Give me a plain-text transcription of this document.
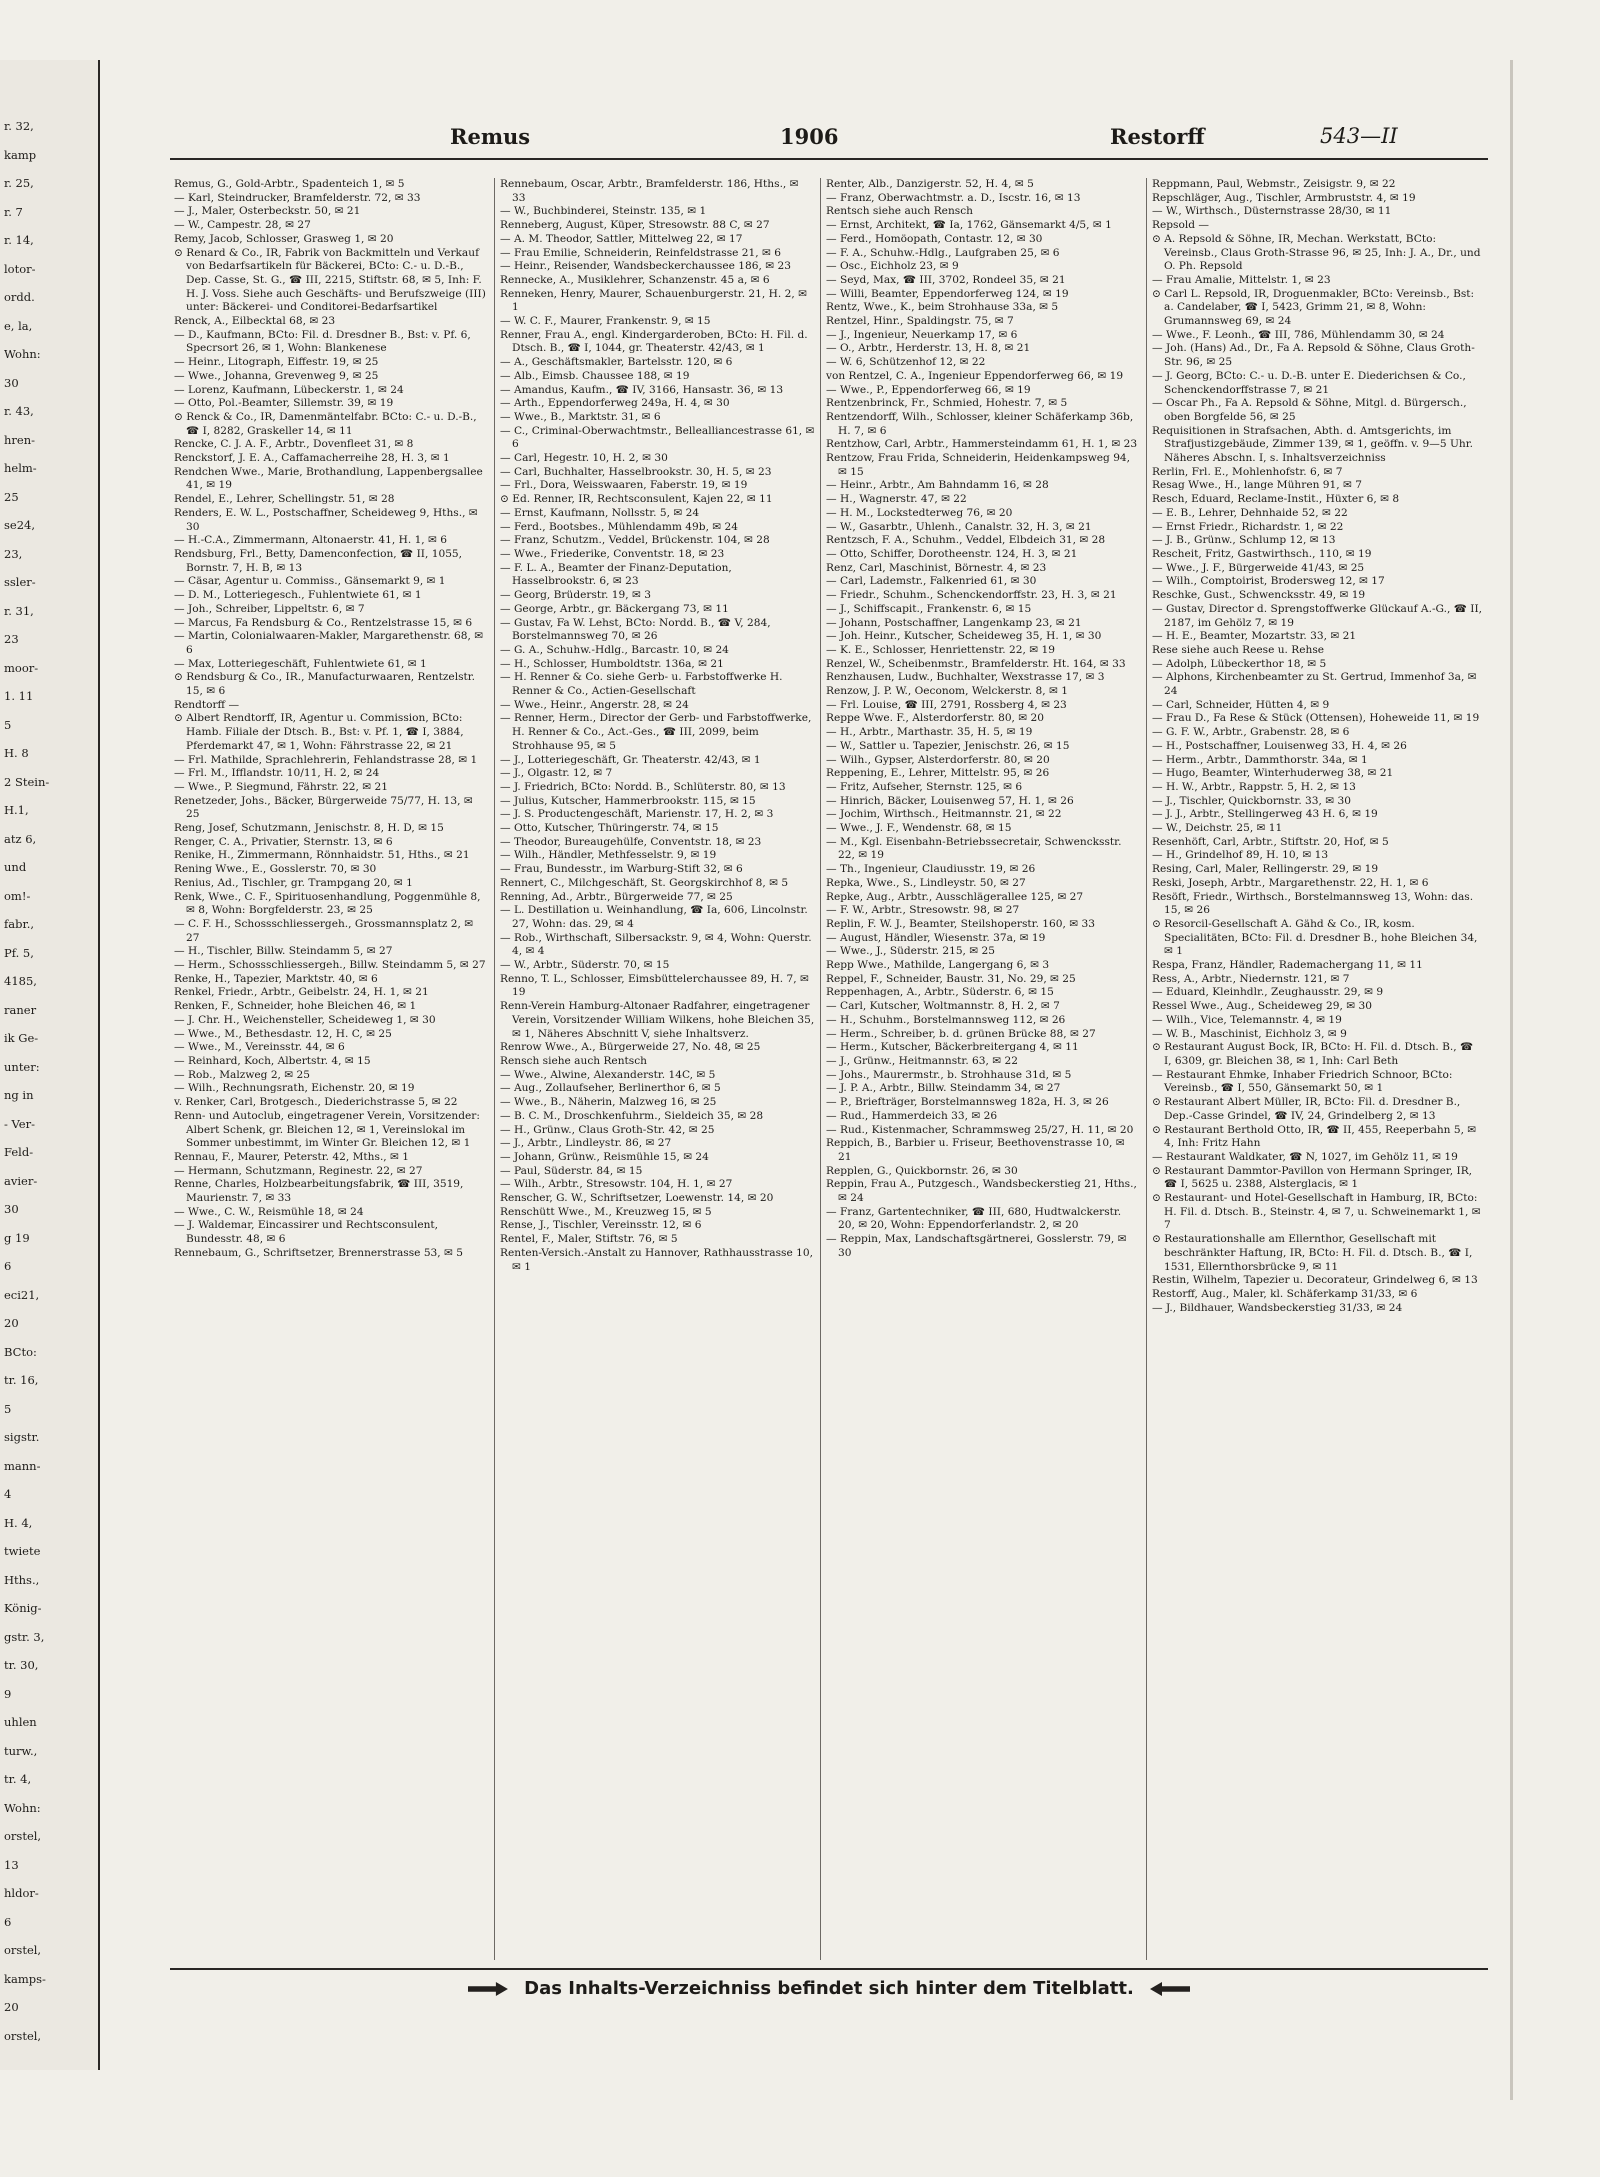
r. 32,
kamp
r. 25,
r. 7
r. 14,
lotor-
ordd.
e, la,
Wohn:
30
r. 43,
hren-
helm-
25
se24,
23,
ssler-
r. 31,
23
moor-
1. 11
5
H. 8
2 Stein-
H.1,
atz 6,
und
om!-
fabr.,
Pf. 5,
4185,
raner
ik Ge-
unter:
ng in
- Ver-
Feld-
avier-
30
g 19
6
eci21,
20
BCto:
tr. 16,
5
sigstr.
mann-
4
H. 4,
twiete
Hths.,
König-
gstr. 3,
tr. 30,
9
uhlen
turw.,
tr. 4,
Wohn:
orstel,
13
hldor-
6
orstel,
kamps-
20
orstel,
Remus	1906	Restorff	543—II

Remus, G., Gold-Arbtr., Spadenteich 1, ✉ 5

— Karl, Steindrucker, Bramfelderstr. 72, ✉ 33

— J., Maler, Osterbeckstr. 50, ✉ 21

— W., Campestr. 28, ✉ 27

Remy, Jacob, Schlosser, Grasweg 1, ✉ 20

⊙ Renard & Co., IR, Fabrik von Backmitteln und Verkauf von Bedarfsartikeln für Bäckerei, BCto: C.- u. D.-B., Dep. Casse, St. G., ☎ III, 2215, Stiftstr. 68, ✉ 5, Inh: F. H. J. Voss. Siehe auch Geschäfts- und Berufszweige (III) unter: Bäckerei- und Conditorei-Bedarfsartikel

Renck, A., Eilbecktal 68, ✉ 23

— D., Kaufmann, BCto: Fil. d. Dresdner B., Bst: v. Pf. 6, Specrsort 26, ✉ 1, Wohn: Blankenese

— Heinr., Litograph, Eiffestr. 19, ✉ 25

— Wwe., Johanna, Grevenweg 9, ✉ 25

— Lorenz, Kaufmann, Lübeckerstr. 1, ✉ 24

— Otto, Pol.-Beamter, Sillemstr. 39, ✉ 19

⊙ Renck & Co., IR, Damenmäntelfabr. BCto: C.- u. D.-B., ☎ I, 8282, Graskeller 14, ✉ 11

Rencke, C. J. A. F., Arbtr., Dovenfleet 31, ✉ 8

Renckstorf, J. E. A., Caffamacherreihe 28, H. 3, ✉ 1

Rendchen Wwe., Marie, Brothandlung, Lappenbergsallee 41, ✉ 19

Rendel, E., Lehrer, Schellingstr. 51, ✉ 28

Renders, E. W. L., Postschaffner, Scheideweg 9, Hths., ✉ 30

— H.-C.A., Zimmermann, Altonaerstr. 41, H. 1, ✉ 6

Rendsburg, Frl., Betty, Damenconfection, ☎ II, 1055, Bornstr. 7, H. B, ✉ 13

— Cäsar, Agentur u. Commiss., Gänsemarkt 9, ✉ 1

— D. M., Lotteriegesch., Fuhlentwiete 61, ✉ 1

— Joh., Schreiber, Lippeltstr. 6, ✉ 7

— Marcus, Fa Rendsburg & Co., Rentzelstrasse 15, ✉ 6

— Martin, Colonialwaaren-Makler, Margarethenstr. 68, ✉ 6

— Max, Lotteriegeschäft, Fuhlentwiete 61, ✉ 1

⊙ Rendsburg & Co., IR., Manufacturwaaren, Rentzelstr. 15, ✉ 6

Rendtorff —

⊙ Albert Rendtorff, IR, Agentur u. Commission, BCto: Hamb. Filiale der Dtsch. B., Bst: v. Pf. 1, ☎ I, 3884, Pferdemarkt 47, ✉ 1, Wohn: Fährstrasse 22, ✉ 21

— Frl. Mathilde, Sprachlehrerin, Fehlandstrasse 28, ✉ 1

— Frl. M., Ifflandstr. 10/11, H. 2, ✉ 24

— Wwe., P. Siegmund, Fährstr. 22, ✉ 21

Renetzeder, Johs., Bäcker, Bürgerweide 75/77, H. 13, ✉ 25

Reng, Josef, Schutzmann, Jenischstr. 8, H. D, ✉ 15

Renger, C. A., Privatier, Sternstr. 13, ✉ 6

Renike, H., Zimmermann, Rönnhaidstr. 51, Hths., ✉ 21

Rening Wwe., E., Gosslerstr. 70, ✉ 30

Renius, Ad., Tischler, gr. Trampgang 20, ✉ 1

Renk, Wwe., C. F., Spirituosenhandlung, Poggenmühle 8, ✉ 8, Wohn: Borgfelderstr. 23, ✉ 25

— C. F. H., Schossschliessergeh., Grossmannsplatz 2, ✉ 27

— H., Tischler, Billw. Steindamm 5, ✉ 27

— Herm., Schossschliessergeh., Billw. Steindamm 5, ✉ 27

Renke, H., Tapezier, Marktstr. 40, ✉ 6

Renkel, Friedr., Arbtr., Geibelstr. 24, H. 1, ✉ 21

Renken, F., Schneider, hohe Bleichen 46, ✉ 1

— J. Chr. H., Weichensteller, Scheideweg 1, ✉ 30

— Wwe., M., Bethesdastr. 12, H. C, ✉ 25

— Wwe., M., Vereinsstr. 44, ✉ 6

— Reinhard, Koch, Albertstr. 4, ✉ 15

— Rob., Malzweg 2, ✉ 25

— Wilh., Rechnungsrath, Eichenstr. 20, ✉ 19

v. Renker, Carl, Brotgesch., Diederichstrasse 5, ✉ 22

Renn- und Autoclub, eingetragener Verein, Vorsitzender: Albert Schenk, gr. Bleichen 12, ✉ 1, Vereinslokal im Sommer unbestimmt, im Winter Gr. Bleichen 12, ✉ 1

Rennau, F., Maurer, Peterstr. 42, Mths., ✉ 1

— Hermann, Schutzmann, Reginestr. 22, ✉ 27

Renne, Charles, Holzbearbeitungsfabrik, ☎ III, 3519, Maurienstr. 7, ✉ 33

— Wwe., C. W., Reismühle 18, ✉ 24

— J. Waldemar, Eincassirer und Rechtsconsulent, Bundesstr. 48, ✉ 6

Rennebaum, G., Schriftsetzer, Brennerstrasse 53, ✉ 5

Rennebaum, Oscar, Arbtr., Bramfelderstr. 186, Hths., ✉ 33

— W., Buchbinderei, Steinstr. 135, ✉ 1

Renneberg, August, Küper, Stresowstr. 88 C, ✉ 27

— A. M. Theodor, Sattler, Mittelweg 22, ✉ 17

— Frau Emilie, Schneiderin, Reinfeldstrasse 21, ✉ 6

— Heinr., Reisender, Wandsbeckerchaussee 186, ✉ 23

Rennecke, A., Musiklehrer, Schanzenstr. 45 a, ✉ 6

Renneken, Henry, Maurer, Schauenburgerstr. 21, H. 2, ✉ 1

— W. C. F., Maurer, Frankenstr. 9, ✉ 15

Renner, Frau A., engl. Kindergarderoben, BCto: H. Fil. d. Dtsch. B., ☎ I, 1044, gr. Theaterstr. 42/43, ✉ 1

— A., Geschäftsmakler, Bartelsstr. 120, ✉ 6

— Alb., Eimsb. Chaussee 188, ✉ 19

— Amandus, Kaufm., ☎ IV, 3166, Hansastr. 36, ✉ 13

— Arth., Eppendorferweg 249a, H. 4, ✉ 30

— Wwe., B., Marktstr. 31, ✉ 6

— C., Criminal-Oberwachtmstr., Bellealliancestrasse 61, ✉ 6

— Carl, Hegestr. 10, H. 2, ✉ 30

— Carl, Buchhalter, Hasselbrookstr. 30, H. 5, ✉ 23

— Frl., Dora, Weisswaaren, Faberstr. 19, ✉ 19

⊙ Ed. Renner, IR, Rechtsconsulent, Kajen 22, ✉ 11

— Ernst, Kaufmann, Nollsstr. 5, ✉ 24

— Ferd., Bootsbes., Mühlendamm 49b, ✉ 24

— Franz, Schutzm., Veddel, Brückenstr. 104, ✉ 28

— Wwe., Friederike, Conventstr. 18, ✉ 23

— F. L. A., Beamter der Finanz-Deputation, Hasselbrookstr. 6, ✉ 23

— Georg, Brüderstr. 19, ✉ 3

— George, Arbtr., gr. Bäckergang 73, ✉ 11

— Gustav, Fa W. Lehst, BCto: Nordd. B., ☎ V, 284, Borstelmannsweg 70, ✉ 26

— G. A., Schuhw.-Hdlg., Barcastr. 10, ✉ 24

— H., Schlosser, Humboldtstr. 136a, ✉ 21

— H. Renner & Co. siehe Gerb- u. Farbstoffwerke H. Renner & Co., Actien-Gesellschaft

— Wwe., Heinr., Angerstr. 28, ✉ 24

— Renner, Herm., Director der Gerb- und Farbstoffwerke, H. Renner & Co., Act.-Ges., ☎ III, 2099, beim Strohhause 95, ✉ 5

— J., Lotteriegeschäft, Gr. Theaterstr. 42/43, ✉ 1

— J., Olgastr. 12, ✉ 7

— J. Friedrich, BCto: Nordd. B., Schlüterstr. 80, ✉ 13

— Julius, Kutscher, Hammerbrookstr. 115, ✉ 15

— J. S. Productengeschäft, Marienstr. 17, H. 2, ✉ 3

— Otto, Kutscher, Thüringerstr. 74, ✉ 15

— Theodor, Bureaugehülfe, Conventstr. 18, ✉ 23

— Wilh., Händler, Methfesselstr. 9, ✉ 19

— Frau, Bundesstr., im Warburg-Stift 32, ✉ 6

Rennert, C., Milchgeschäft, St. Georgskirchhof 8, ✉ 5

Renning, Ad., Arbtr., Bürgerweide 77, ✉ 25

— L. Destillation u. Weinhandlung, ☎ Ia, 606, Lincolnstr. 27, Wohn: das. 29, ✉ 4

— Rob., Wirthschaft, Silbersackstr. 9, ✉ 4, Wohn: Querstr. 4, ✉ 4

— W., Arbtr., Süderstr. 70, ✉ 15

Renno, T. L., Schlosser, Eimsbüttelerchaussee 89, H. 7, ✉ 19

Renn-Verein Hamburg-Altonaer Radfahrer, eingetragener Verein, Vorsitzender William Wilkens, hohe Bleichen 35, ✉ 1, Näheres Abschnitt V, siehe Inhaltsverz.

Renrow Wwe., A., Bürgerweide 27, No. 48, ✉ 25

Rensch siehe auch Rentsch

— Wwe., Alwine, Alexanderstr. 14C, ✉ 5

— Aug., Zollaufseher, Berlinerthor 6, ✉ 5

— Wwe., B., Näherin, Malzweg 16, ✉ 25

— B. C. M., Droschkenfuhrm., Sieldeich 35, ✉ 28

— H., Grünw., Claus Groth-Str. 42, ✉ 25

— J., Arbtr., Lindleystr. 86, ✉ 27

— Johann, Grünw., Reismühle 15, ✉ 24

— Paul, Süderstr. 84, ✉ 15

— Wilh., Arbtr., Stresowstr. 104, H. 1, ✉ 27

Renscher, G. W., Schriftsetzer, Loewenstr. 14, ✉ 20

Renschütt Wwe., M., Kreuzweg 15, ✉ 5

Rense, J., Tischler, Vereinsstr. 12, ✉ 6

Rentel, F., Maler, Stiftstr. 76, ✉ 5

Renten-Versich.-Anstalt zu Hannover, Rathhausstrasse 10, ✉ 1

Renter, Alb., Danzigerstr. 52, H. 4, ✉ 5

— Franz, Oberwachtmstr. a. D., Iscstr. 16, ✉ 13

Rentsch siehe auch Rensch

— Ernst, Architekt, ☎ Ia, 1762, Gänsemarkt 4/5, ✉ 1

— Ferd., Homöopath, Contastr. 12, ✉ 30

— F. A., Schuhw.-Hdlg., Laufgraben 25, ✉ 6

— Osc., Eichholz 23, ✉ 9

— Seyd, Max, ☎ III, 3702, Rondeel 35, ✉ 21

— Willi, Beamter, Eppendorferweg 124, ✉ 19

Rentz, Wwe., K., beim Strohhause 33a, ✉ 5

Rentzel, Hinr., Spaldingstr. 75, ✉ 7

— J., Ingenieur, Neuerkamp 17, ✉ 6

— O., Arbtr., Herderstr. 13, H. 8, ✉ 21

— W. 6, Schützenhof 12, ✉ 22

von Rentzel, C. A., Ingenieur Eppendorferweg 66, ✉ 19

— Wwe., P., Eppendorferweg 66, ✉ 19

Rentzenbrinck, Fr., Schmied, Hohestr. 7, ✉ 5

Rentzendorff, Wilh., Schlosser, kleiner Schäferkamp 36b, H. 7, ✉ 6

Rentzhow, Carl, Arbtr., Hammersteindamm 61, H. 1, ✉ 23

Rentzow, Frau Frida, Schneiderin, Heidenkampsweg 94, ✉ 15

— Heinr., Arbtr., Am Bahndamm 16, ✉ 28

— H., Wagnerstr. 47, ✉ 22

— H. M., Lockstedterweg 76, ✉ 20

— W., Gasarbtr., Uhlenh., Canalstr. 32, H. 3, ✉ 21

Rentzsch, F. A., Schuhm., Veddel, Elbdeich 31, ✉ 28

— Otto, Schiffer, Dorotheenstr. 124, H. 3, ✉ 21

Renz, Carl, Maschinist, Börnestr. 4, ✉ 23

— Carl, Lademstr., Falkenried 61, ✉ 30

— Friedr., Schuhm., Schenckendorffstr. 23, H. 3, ✉ 21

— J., Schiffscapit., Frankenstr. 6, ✉ 15

— Johann, Postschaffner, Langenkamp 23, ✉ 21

— Joh. Heinr., Kutscher, Scheideweg 35, H. 1, ✉ 30

— K. E., Schlosser, Henriettenstr. 22, ✉ 19

Renzel, W., Scheibenmstr., Bramfelderstr. Ht. 164, ✉ 33

Renzhausen, Ludw., Buchhalter, Wexstrasse 17, ✉ 3

Renzow, J. P. W., Oeconom, Welckerstr. 8, ✉ 1

— Frl. Louise, ☎ III, 2791, Rossberg 4, ✉ 23

Reppe Wwe. F., Alsterdorferstr. 80, ✉ 20

— H., Arbtr., Marthastr. 35, H. 5, ✉ 19

— W., Sattler u. Tapezier, Jenischstr. 26, ✉ 15

— Wilh., Gypser, Alsterdorferstr. 80, ✉ 20

Reppening, E., Lehrer, Mittelstr. 95, ✉ 26

— Fritz, Aufseher, Sternstr. 125, ✉ 6

— Hinrich, Bäcker, Louisenweg 57, H. 1, ✉ 26

— Jochim, Wirthsch., Heitmannstr. 21, ✉ 22

— Wwe., J. F., Wendenstr. 68, ✉ 15

— M., Kgl. Eisenbahn-Betriebssecretair, Schwencksstr. 22, ✉ 19

— Th., Ingenieur, Claudiusstr. 19, ✉ 26

Repka, Wwe., S., Lindleystr. 50, ✉ 27

Repke, Aug., Arbtr., Ausschlägerallee 125, ✉ 27

— F. W., Arbtr., Stresowstr. 98, ✉ 27

Replin, F. W. J., Beamter, Steilshoperstr. 160, ✉ 33

— August, Händler, Wiesenstr. 37a, ✉ 19

— Wwe., J., Süderstr. 215, ✉ 25

Repp Wwe., Mathilde, Langergang 6, ✉ 3

Reppel, F., Schneider, Baustr. 31, No. 29, ✉ 25

Reppenhagen, A., Arbtr., Süderstr. 6, ✉ 15

— Carl, Kutscher, Woltmannstr. 8, H. 2, ✉ 7

— H., Schuhm., Borstelmannsweg 112, ✉ 26

— Herm., Schreiber, b. d. grünen Brücke 88, ✉ 27

— Herm., Kutscher, Bäckerbreitergang 4, ✉ 11

— J., Grünw., Heitmannstr. 63, ✉ 22

— Johs., Maurermstr., b. Strohhause 31d, ✉ 5

— J. P. A., Arbtr., Billw. Steindamm 34, ✉ 27

— P., Briefträger, Borstelmannsweg 182a, H. 3, ✉ 26

— Rud., Hammerdeich 33, ✉ 26

— Rud., Kistenmacher, Schrammsweg 25/27, H. 11, ✉ 20

Reppich, B., Barbier u. Friseur, Beethovenstrasse 10, ✉ 21

Repplen, G., Quickbornstr. 26, ✉ 30

Reppin, Frau A., Putzgesch., Wandsbeckerstieg 21, Hths., ✉ 24

— Franz, Gartentechniker, ☎ III, 680, Hudtwalckerstr. 20, ✉ 20, Wohn: Eppendorferlandstr. 2, ✉ 20

— Reppin, Max, Landschaftsgärtnerei, Gosslerstr. 79, ✉ 30

Reppmann, Paul, Webmstr., Zeisigstr. 9, ✉ 22

Repschläger, Aug., Tischler, Armbruststr. 4, ✉ 19

— W., Wirthsch., Düsternstrasse 28/30, ✉ 11

Repsold —

⊙ A. Repsold & Söhne, IR, Mechan. Werkstatt, BCto: Vereinsb., Claus Groth-Strasse 96, ✉ 25, Inh: J. A., Dr., und O. Ph. Repsold

— Frau Amalie, Mittelstr. 1, ✉ 23

⊙ Carl L. Repsold, IR, Droguenmakler, BCto: Vereinsb., Bst: a. Candelaber, ☎ I, 5423, Grimm 21, ✉ 8, Wohn: Grumannsweg 69, ✉ 24

— Wwe., F. Leonh., ☎ III, 786, Mühlendamm 30, ✉ 24

— Joh. (Hans) Ad., Dr., Fa A. Repsold & Söhne, Claus Groth-Str. 96, ✉ 25

— J. Georg, BCto: C.- u. D.-B. unter E. Diederichsen & Co., Schenckendorffstrasse 7, ✉ 21

— Oscar Ph., Fa A. Repsold & Söhne, Mitgl. d. Bürgersch., oben Borgfelde 56, ✉ 25

Requisitionen in Strafsachen, Abth. d. Amtsgerichts, im Strafjustizgebäude, Zimmer 139, ✉ 1, geöffn. v. 9—5 Uhr. Näheres Abschn. I, s. Inhaltsverzeichniss

Rerlin, Frl. E., Mohlenhofstr. 6, ✉ 7

Resag Wwe., H., lange Mühren 91, ✉ 7

Resch, Eduard, Reclame-Instit., Hüxter 6, ✉ 8

— E. B., Lehrer, Dehnhaide 52, ✉ 22

— Ernst Friedr., Richardstr. 1, ✉ 22

— J. B., Grünw., Schlump 12, ✉ 13

Rescheit, Fritz, Gastwirthsch., 110, ✉ 19

— Wwe., J. F., Bürgerweide 41/43, ✉ 25

— Wilh., Comptoirist, Brodersweg 12, ✉ 17

Reschke, Gust., Schwencksstr. 49, ✉ 19

— Gustav, Director d. Sprengstoffwerke Glückauf A.-G., ☎ II, 2187, im Gehölz 7, ✉ 19

— H. E., Beamter, Mozartstr. 33, ✉ 21

Rese siehe auch Reese u. Rehse

— Adolph, Lübeckerthor 18, ✉ 5

— Alphons, Kirchenbeamter zu St. Gertrud, Immenhof 3a, ✉ 24

— Carl, Schneider, Hütten 4, ✉ 9

— Frau D., Fa Rese & Stück (Ottensen), Hoheweide 11, ✉ 19

— G. F. W., Arbtr., Grabenstr. 28, ✉ 6

— H., Postschaffner, Louisenweg 33, H. 4, ✉ 26

— Herm., Arbtr., Dammthorstr. 34a, ✉ 1

— Hugo, Beamter, Winterhuderweg 38, ✉ 21

— H. W., Arbtr., Rappstr. 5, H. 2, ✉ 13

— J., Tischler, Quickbornstr. 33, ✉ 30

— J. J., Arbtr., Stellingerweg 43 H. 6, ✉ 19

— W., Deichstr. 25, ✉ 11

Resenhöft, Carl, Arbtr., Stiftstr. 20, Hof, ✉ 5

— H., Grindelhof 89, H. 10, ✉ 13

Resing, Carl, Maler, Rellingerstr. 29, ✉ 19

Reski, Joseph, Arbtr., Margarethenstr. 22, H. 1, ✉ 6

Resöft, Friedr., Wirthsch., Borstelmannsweg 13, Wohn: das. 15, ✉ 26

⊙ Resorcil-Gesellschaft A. Gähd & Co., IR, kosm. Specialitäten, BCto: Fil. d. Dresdner B., hohe Bleichen 34, ✉ 1

Respa, Franz, Händler, Rademachergang 11, ✉ 11

Ress, A., Arbtr., Niedernstr. 121, ✉ 7

— Eduard, Kleinhdlr., Zeughausstr. 29, ✉ 9

Ressel Wwe., Aug., Scheideweg 29, ✉ 30

— Wilh., Vice, Telemannstr. 4, ✉ 19

— W. B., Maschinist, Eichholz 3, ✉ 9

⊙ Restaurant August Bock, IR, BCto: H. Fil. d. Dtsch. B., ☎ I, 6309, gr. Bleichen 38, ✉ 1, Inh: Carl Beth

— Restaurant Ehmke, Inhaber Friedrich Schnoor, BCto: Vereinsb., ☎ I, 550, Gänsemarkt 50, ✉ 1

⊙ Restaurant Albert Müller, IR, BCto: Fil. d. Dresdner B., Dep.-Casse Grindel, ☎ IV, 24, Grindelberg 2, ✉ 13

⊙ Restaurant Berthold Otto, IR, ☎ II, 455, Reeperbahn 5, ✉ 4, Inh: Fritz Hahn

— Restaurant Waldkater, ☎ N, 1027, im Gehölz 11, ✉ 19

⊙ Restaurant Dammtor-Pavillon von Hermann Springer, IR, ☎ I, 5625 u. 2388, Alsterglacis, ✉ 1

⊙ Restaurant- und Hotel-Gesellschaft in Hamburg, IR, BCto: H. Fil. d. Dtsch. B., Steinstr. 4, ✉ 7, u. Schweinemarkt 1, ✉ 7

⊙ Restaurationshalle am Ellernthor, Gesellschaft mit beschränkter Haftung, IR, BCto: H. Fil. d. Dtsch. B., ☎ I, 1531, Ellernthorsbrücke 9, ✉ 11

Restin, Wilhelm, Tapezier u. Decorateur, Grindelweg 6, ✉ 13

Restorff, Aug., Maler, kl. Schäferkamp 31/33, ✉ 6

— J., Bildhauer, Wandsbeckerstieg 31/33, ✉ 24

Das Inhalts-Verzeichniss befindet sich hinter dem Titelblatt.
